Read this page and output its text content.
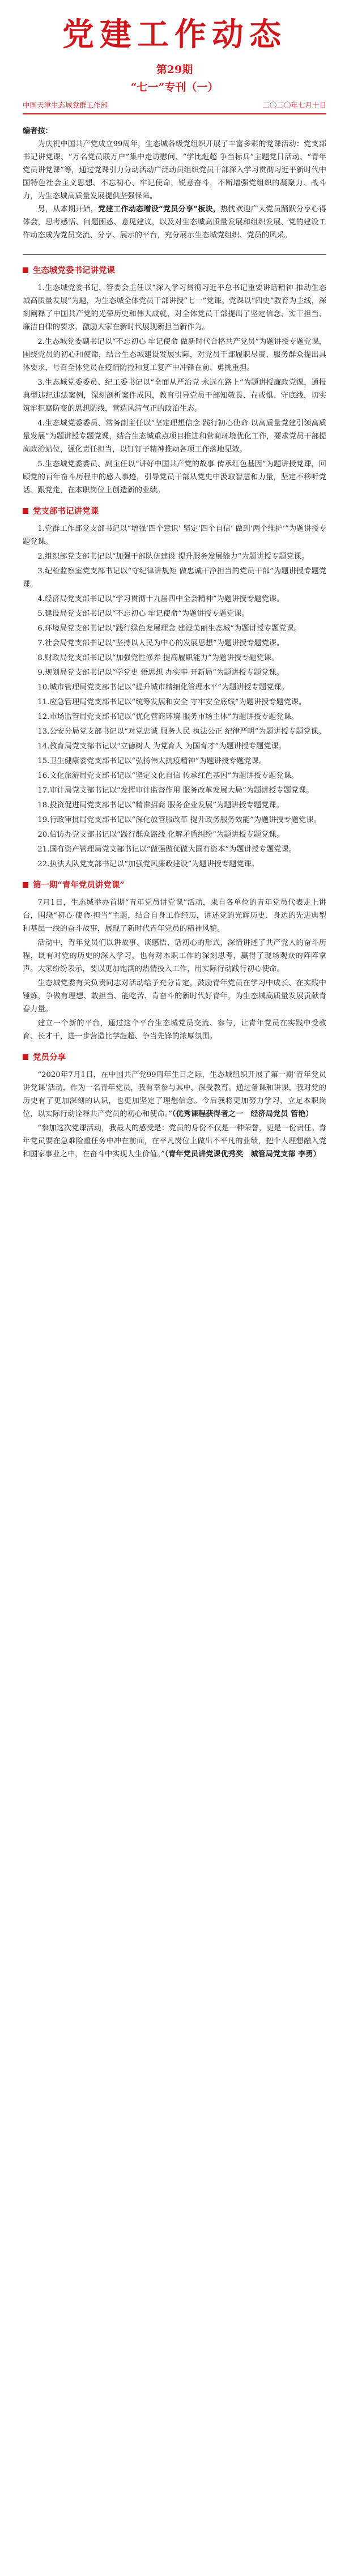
党建工作动态
第29期
“七一”专刊（一）
中国天津生态城党群工作部	二〇二〇年七月十日
编者按：

为庆祝中国共产党成立99周年，生态城各级党组织开展了丰富多彩的党课活动：党支部书记讲党课、“万名党员联万户”集中走访慰问、“学比赶超 争当标兵”主题党日活动、“青年党员讲党课”等，通过党课引力分动活动广泛动员组织党员干部深入学习贯彻习近平新时代中国特色社会主义思想、不忘初心、牢记使命，锐意奋斗，不断增强党组织的凝聚力、战斗力，为生态城高质量发展提供坚强保障。

另，从本期开始，党建工作动态增设“党员分享”板块，热忱欢迎广大党员踊跃分享心得体会，思考感悟、问题困惑、意见建议，以及对生态城高质量发展和组织发展、党的建设工作动态成为党员交流、分享、展示的平台，充分展示生态城党组织、党员的风采。

生态城党委书记讲党课

1.生态城党委书记、管委会主任以“深入学习贯彻习近平总书记重要讲话精神 推动生态城高质量发展”为题，为生态城全体党员干部讲授“七一”党课。党课以“四史”教育为主线，深刻阐释了中国共产党的光荣历史和伟大成就，对全体党员干部提出了坚定信念、实干担当、廉洁自律的要求，激励大家在新时代展现新担当新作为。

2.生态城党委副书记以“不忘初心 牢记使命 做新时代合格共产党员”为题讲授专题党课，围绕党员的初心和使命，结合生态城建设发展实际，对党员干部履职尽责、服务群众提出具体要求，号召全体党员在疫情防控和复工复产中冲锋在前、勇挑重担。

3.生态城党委委员、纪工委书记以“全面从严治党 永远在路上”为题讲授廉政党课，通报典型违纪违法案例，深刻剖析案件成因，教育引导党员干部知敬畏、存戒惧、守底线，切实筑牢拒腐防变的思想防线，营造风清气正的政治生态。

4.生态城党委委员、常务副主任以“坚定理想信念 践行初心使命 以高质量党建引领高质量发展”为题讲授专题党课，结合生态城重点项目推进和营商环境优化工作，要求党员干部提高政治站位，强化责任担当，以钉钉子精神推动各项工作落地见效。

5.生态城党委委员、副主任以“讲好中国共产党的故事 传承红色基因”为题讲授党课，回顾党的百年奋斗历程中的感人事迹，引导党员干部从党史中汲取智慧和力量，坚定不移听党话、跟党走，在本职岗位上创造新的业绩。

党支部书记讲党课

1.党群工作部党支部书记以“增强‘四个意识’ 坚定‘四个自信’ 做到‘两个维护’”为题讲授专题党课。

2.组织部党支部书记以“加强干部队伍建设 提升服务发展能力”为题讲授专题党课。

3.纪检监察室党支部书记以“守纪律讲规矩 做忠诚干净担当的党员干部”为题讲授专题党课。

4.经济局党支部书记以“学习贯彻十九届四中全会精神”为题讲授专题党课。

5.建设局党支部书记以“不忘初心 牢记使命”为题讲授专题党课。

6.环境局党支部书记以“践行绿色发展理念 建设美丽生态城”为题讲授专题党课。

7.社会局党支部书记以“坚持以人民为中心的发展思想”为题讲授专题党课。

8.财政局党支部书记以“加强党性修养 提高履职能力”为题讲授专题党课。

9.规划局党支部书记以“学党史 悟思想 办实事 开新局”为题讲授专题党课。

10.城市管理局党支部书记以“提升城市精细化管理水平”为题讲授专题党课。

11.应急管理局党支部书记以“统筹发展和安全 守牢安全底线”为题讲授专题党课。

12.市场监管局党支部书记以“优化营商环境 服务市场主体”为题讲授专题党课。

13.公安分局党支部书记以“对党忠诚 服务人民 执法公正 纪律严明”为题讲授专题党课。

14.教育局党支部书记以“立德树人 为党育人 为国育才”为题讲授专题党课。

15.卫生健康委党支部书记以“弘扬伟大抗疫精神”为题讲授专题党课。

16.文化旅游局党支部书记以“坚定文化自信 传承红色基因”为题讲授专题党课。

17.审计局党支部书记以“发挥审计监督作用 服务改革发展大局”为题讲授专题党课。

18.投资促进局党支部书记以“精准招商 服务企业发展”为题讲授专题党课。

19.行政审批局党支部书记以“深化放管服改革 提升政务服务效能”为题讲授专题党课。

20.信访办党支部书记以“践行群众路线 化解矛盾纠纷”为题讲授专题党课。

21.国有资产管理局党支部书记以“做强做优做大国有资本”为题讲授专题党课。

22.执法大队党支部书记以“加强党风廉政建设”为题讲授专题党课。

第一期“青年党员讲党课”

7月1日，生态城举办首期“青年党员讲党课”活动，来自各单位的青年党员代表走上讲台，围绕“初心·使命·担当”主题，结合自身工作经历，讲述党的光辉历史、身边的先进典型和基层一线的奋斗故事，展现了新时代青年党员的精神风貌。

活动中，青年党员们以讲故事、谈感悟、话初心的形式，深情讲述了共产党人的奋斗历程，既有对党的历史的深入学习，也有对本职工作的深刻思考，赢得了现场观众的阵阵掌声。大家纷纷表示，要以更加饱满的热情投入工作，用实际行动践行初心使命。

生态城党委有关负责同志对活动给予充分肯定，鼓励青年党员在学习中成长、在实践中锤炼，争做有理想、敢担当、能吃苦、肯奋斗的新时代好青年，为生态城高质量发展贡献青春力量。

建立一个新的平台，通过这个平台生态城党员交流、参与，让青年党员在实践中受教育、长才干，进一步营造比学赶超、争当先锋的浓厚氛围。

党员分享

“2020年7月1日，在中国共产党99周年生日之际，生态城组织开展了第一期‘青年党员讲党课’活动，作为一名青年党员，我有幸参与其中，深受教育。通过备课和讲课，我对党的历史有了更加深刻的认识，也更加坚定了理想信念。今后我将更加努力学习，立足本职岗位，以实际行动诠释共产党员的初心和使命。”（优秀课程获得者之一　经济局党员 管艳）

“参加这次党课活动，我最大的感受是：党员的身份不仅是一种荣誉，更是一份责任。青年党员要在急难险重任务中冲在前面，在平凡岗位上做出不平凡的业绩，把个人理想融入党和国家事业之中，在奋斗中实现人生价值。”（青年党员讲党课优秀奖　城管局党支部 李勇）
